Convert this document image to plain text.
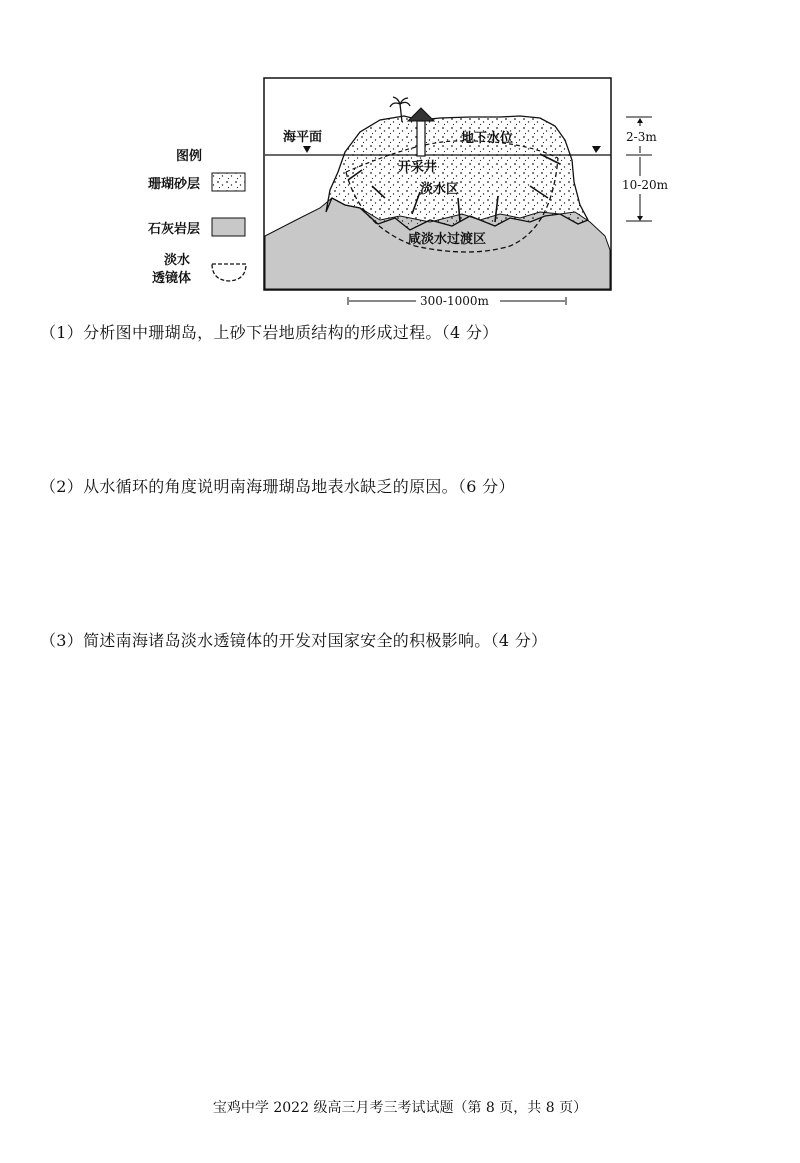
海平面	地下水位
开采井
淡水区
咸淡水过渡区
图例
珊瑚砂层
石灰岩层
淡水
透镜体
2-3m
10-20m
300-1000m
（1）分析图中珊瑚岛，上砂下岩地质结构的形成过程。（4 分）
（2）从水循环的角度说明南海珊瑚岛地表水缺乏的原因。（6 分）
（3）简述南海诸岛淡水透镜体的开发对国家安全的积极影响。（4 分）
宝鸡中学 2022 级高三月考三考试试题（第 8 页，共 8 页）
